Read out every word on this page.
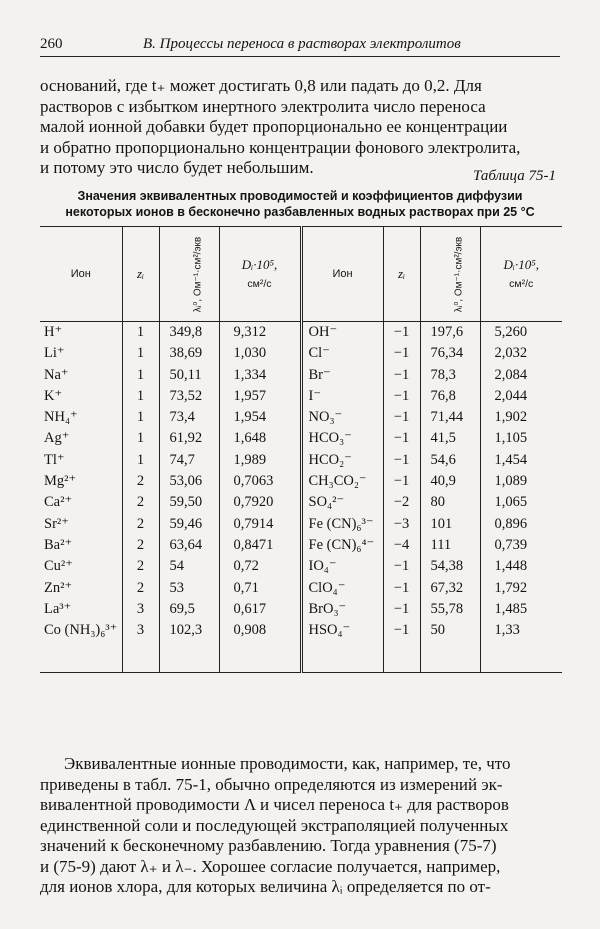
260	В. Процессы переноса в растворах электролитов
оснований, где t₊ может достигать 0,8 или падать до 0,2. Для
растворов с избытком инертного электролита число переноса
малой ионной добавки будет пропорционально ее концентрации
и обратно пропорционально концентрации фонового электролита,
и потому это число будет небольшим.	Таблица 75-1
Значения эквивалентных проводимостей и коэффициентов диффузии
некоторых ионов в бесконечно разбавленных водных растворах при 25 °С
Ион	zᵢ	λᵢ⁰, Ом⁻¹·см²/экв	Dᵢ·10⁵,
см²/с	Ион	zᵢ	λᵢ⁰, Ом⁻¹·см²/экв	Dᵢ·10⁵,
см²/с

H⁺	1	349,8	9,312	OH⁻	−1	197,6	5,260
Li⁺	1	38,69	1,030	Cl⁻	−1	76,34	2,032
Na⁺	1	50,11	1,334	Br⁻	−1	78,3	2,084
K⁺	1	73,52	1,957	I⁻	−1	76,8	2,044
NH₄⁺	1	73,4	1,954	NO₃⁻	−1	71,44	1,902
Ag⁺	1	61,92	1,648	HCO₃⁻	−1	41,5	1,105
Tl⁺	1	74,7	1,989	HCO₂⁻	−1	54,6	1,454
Mg²⁺	2	53,06	0,7063	CH₃CO₂⁻	−1	40,9	1,089
Ca²⁺	2	59,50	0,7920	SO₄²⁻	−2	80	1,065
Sr²⁺	2	59,46	0,7914	Fe (CN)₆³⁻	−3	101	0,896
Ba²⁺	2	63,64	0,8471	Fe (CN)₆⁴⁻	−4	111	0,739
Cu²⁺	2	54	0,72	IO₄⁻	−1	54,38	1,448
Zn²⁺	2	53	0,71	ClO₄⁻	−1	67,32	1,792
La³⁺	3	69,5	0,617	BrO₃⁻	−1	55,78	1,485
Co (NH₃)₆³⁺	3	102,3	0,908	HSO₄⁻	−1	50	1,33
Эквивалентные ионные проводимости, как, например, те, что
приведены в табл. 75-1, обычно определяются из измерений эк-
вивалентной проводимости Λ и чисел переноса t₊ для растворов
единственной соли и последующей экстраполяцией полученных
значений к бесконечному разбавлению. Тогда уравнения (75-7)
и (75-9) дают λ₊ и λ₋. Хорошее согласие получается, например,
для ионов хлора, для которых величина λᵢ определяется по от-
